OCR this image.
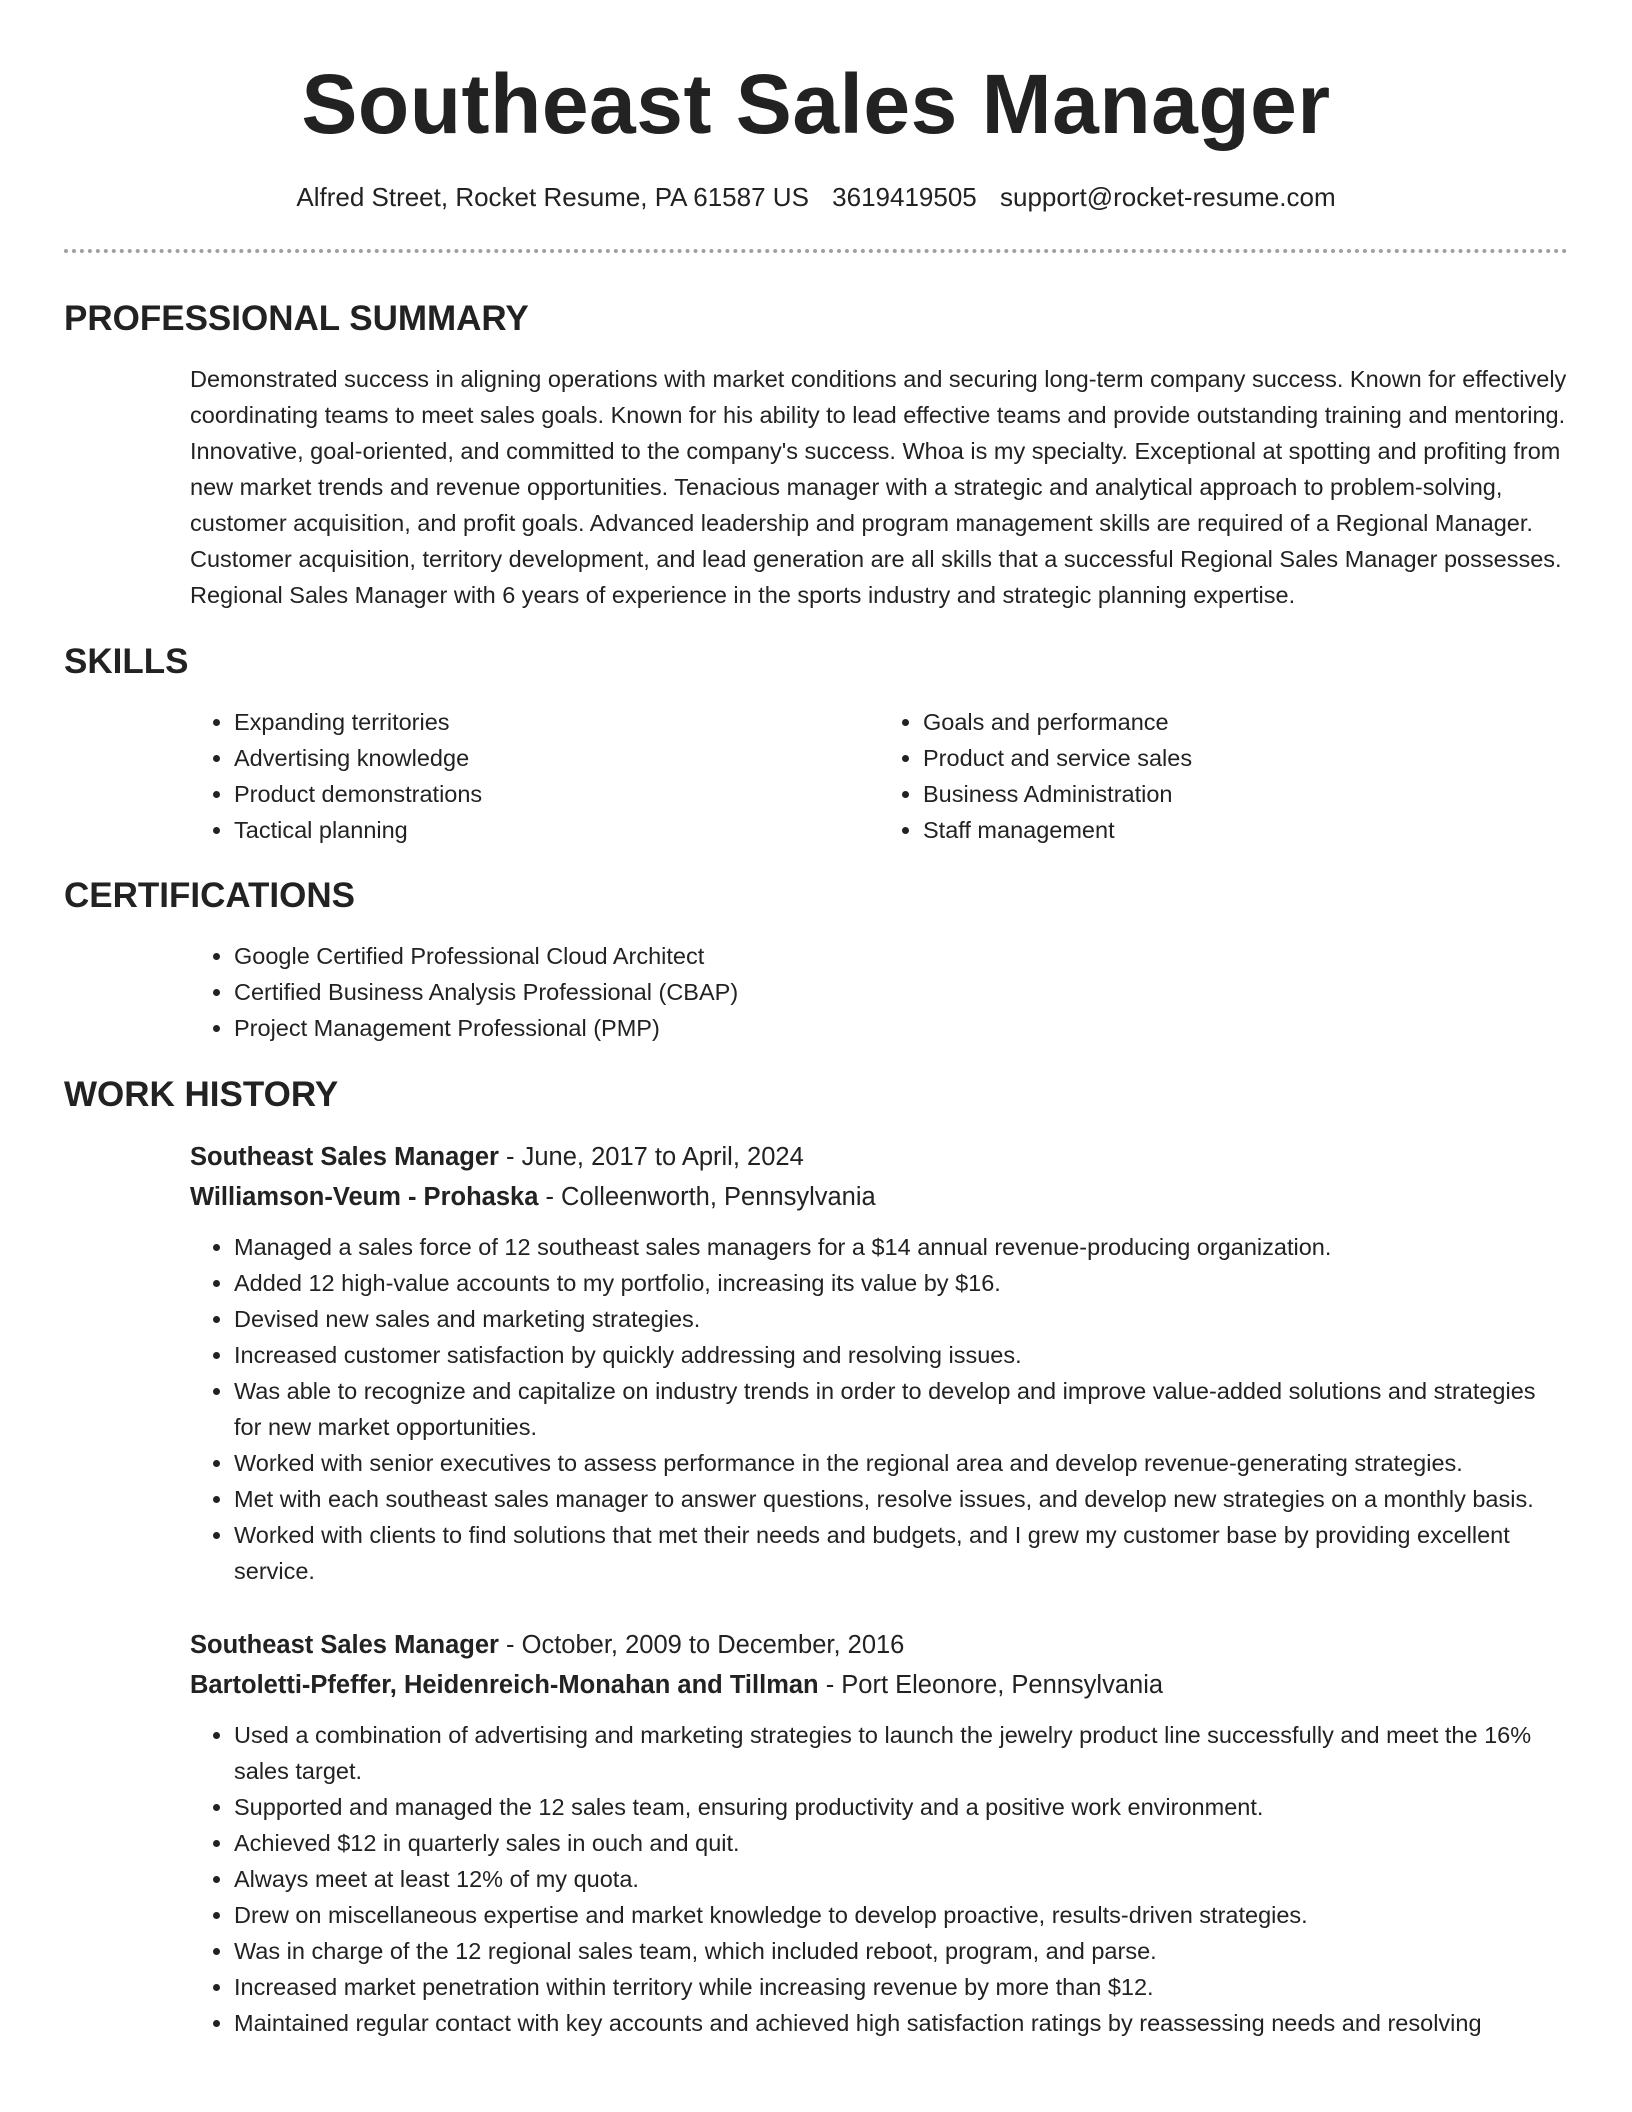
Southeast Sales Manager
Alfred Street, Rocket Resume, PA 61587 US 3619419505 support@rocket-resume.com
PROFESSIONAL SUMMARY

Demonstrated success in aligning operations with market conditions and securing long-term company success. Known for effectively coordinating teams to meet sales goals. Known for his ability to lead effective teams and provide outstanding training and mentoring. Innovative, goal-oriented, and committed to the company's success. Whoa is my specialty. Exceptional at spotting and profiting from new market trends and revenue opportunities. Tenacious manager with a strategic and analytical approach to problem-solving, customer acquisition, and profit goals. Advanced leadership and program management skills are required of a Regional Manager. Customer acquisition, territory development, and lead generation are all skills that a successful Regional Sales Manager possesses. Regional Sales Manager with 6 years of experience in the sports industry and strategic planning expertise.

SKILLS
• Expanding territories
• Advertising knowledge
• Product demonstrations
• Tactical planning
• Goals and performance
• Product and service sales
• Business Administration
• Staff management
CERTIFICATIONS
• Google Certified Professional Cloud Architect
• Certified Business Analysis Professional (CBAP)
• Project Management Professional (PMP)
WORK HISTORY
Southeast Sales Manager - June, 2017 to April, 2024
Williamson-Veum - Prohaska - Colleenworth, Pennsylvania
• Managed a sales force of 12 southeast sales managers for a $14 annual revenue-producing organization.
• Added 12 high-value accounts to my portfolio, increasing its value by $16.
• Devised new sales and marketing strategies.
• Increased customer satisfaction by quickly addressing and resolving issues.
• Was able to recognize and capitalize on industry trends in order to develop and improve value-added solutions and strategies for new market opportunities.
• Worked with senior executives to assess performance in the regional area and develop revenue-generating strategies.
• Met with each southeast sales manager to answer questions, resolve issues, and develop new strategies on a monthly basis.
• Worked with clients to find solutions that met their needs and budgets, and I grew my customer base by providing excellent service.
Southeast Sales Manager - October, 2009 to December, 2016
Bartoletti-Pfeffer, Heidenreich-Monahan and Tillman - Port Eleonore, Pennsylvania
• Used a combination of advertising and marketing strategies to launch the jewelry product line successfully and meet the 16% sales target.
• Supported and managed the 12 sales team, ensuring productivity and a positive work environment.
• Achieved $12 in quarterly sales in ouch and quit.
• Always meet at least 12% of my quota.
• Drew on miscellaneous expertise and market knowledge to develop proactive, results-driven strategies.
• Was in charge of the 12 regional sales team, which included reboot, program, and parse.
• Increased market penetration within territory while increasing revenue by more than $12.
• Maintained regular contact with key accounts and achieved high satisfaction ratings by reassessing needs and resolving
